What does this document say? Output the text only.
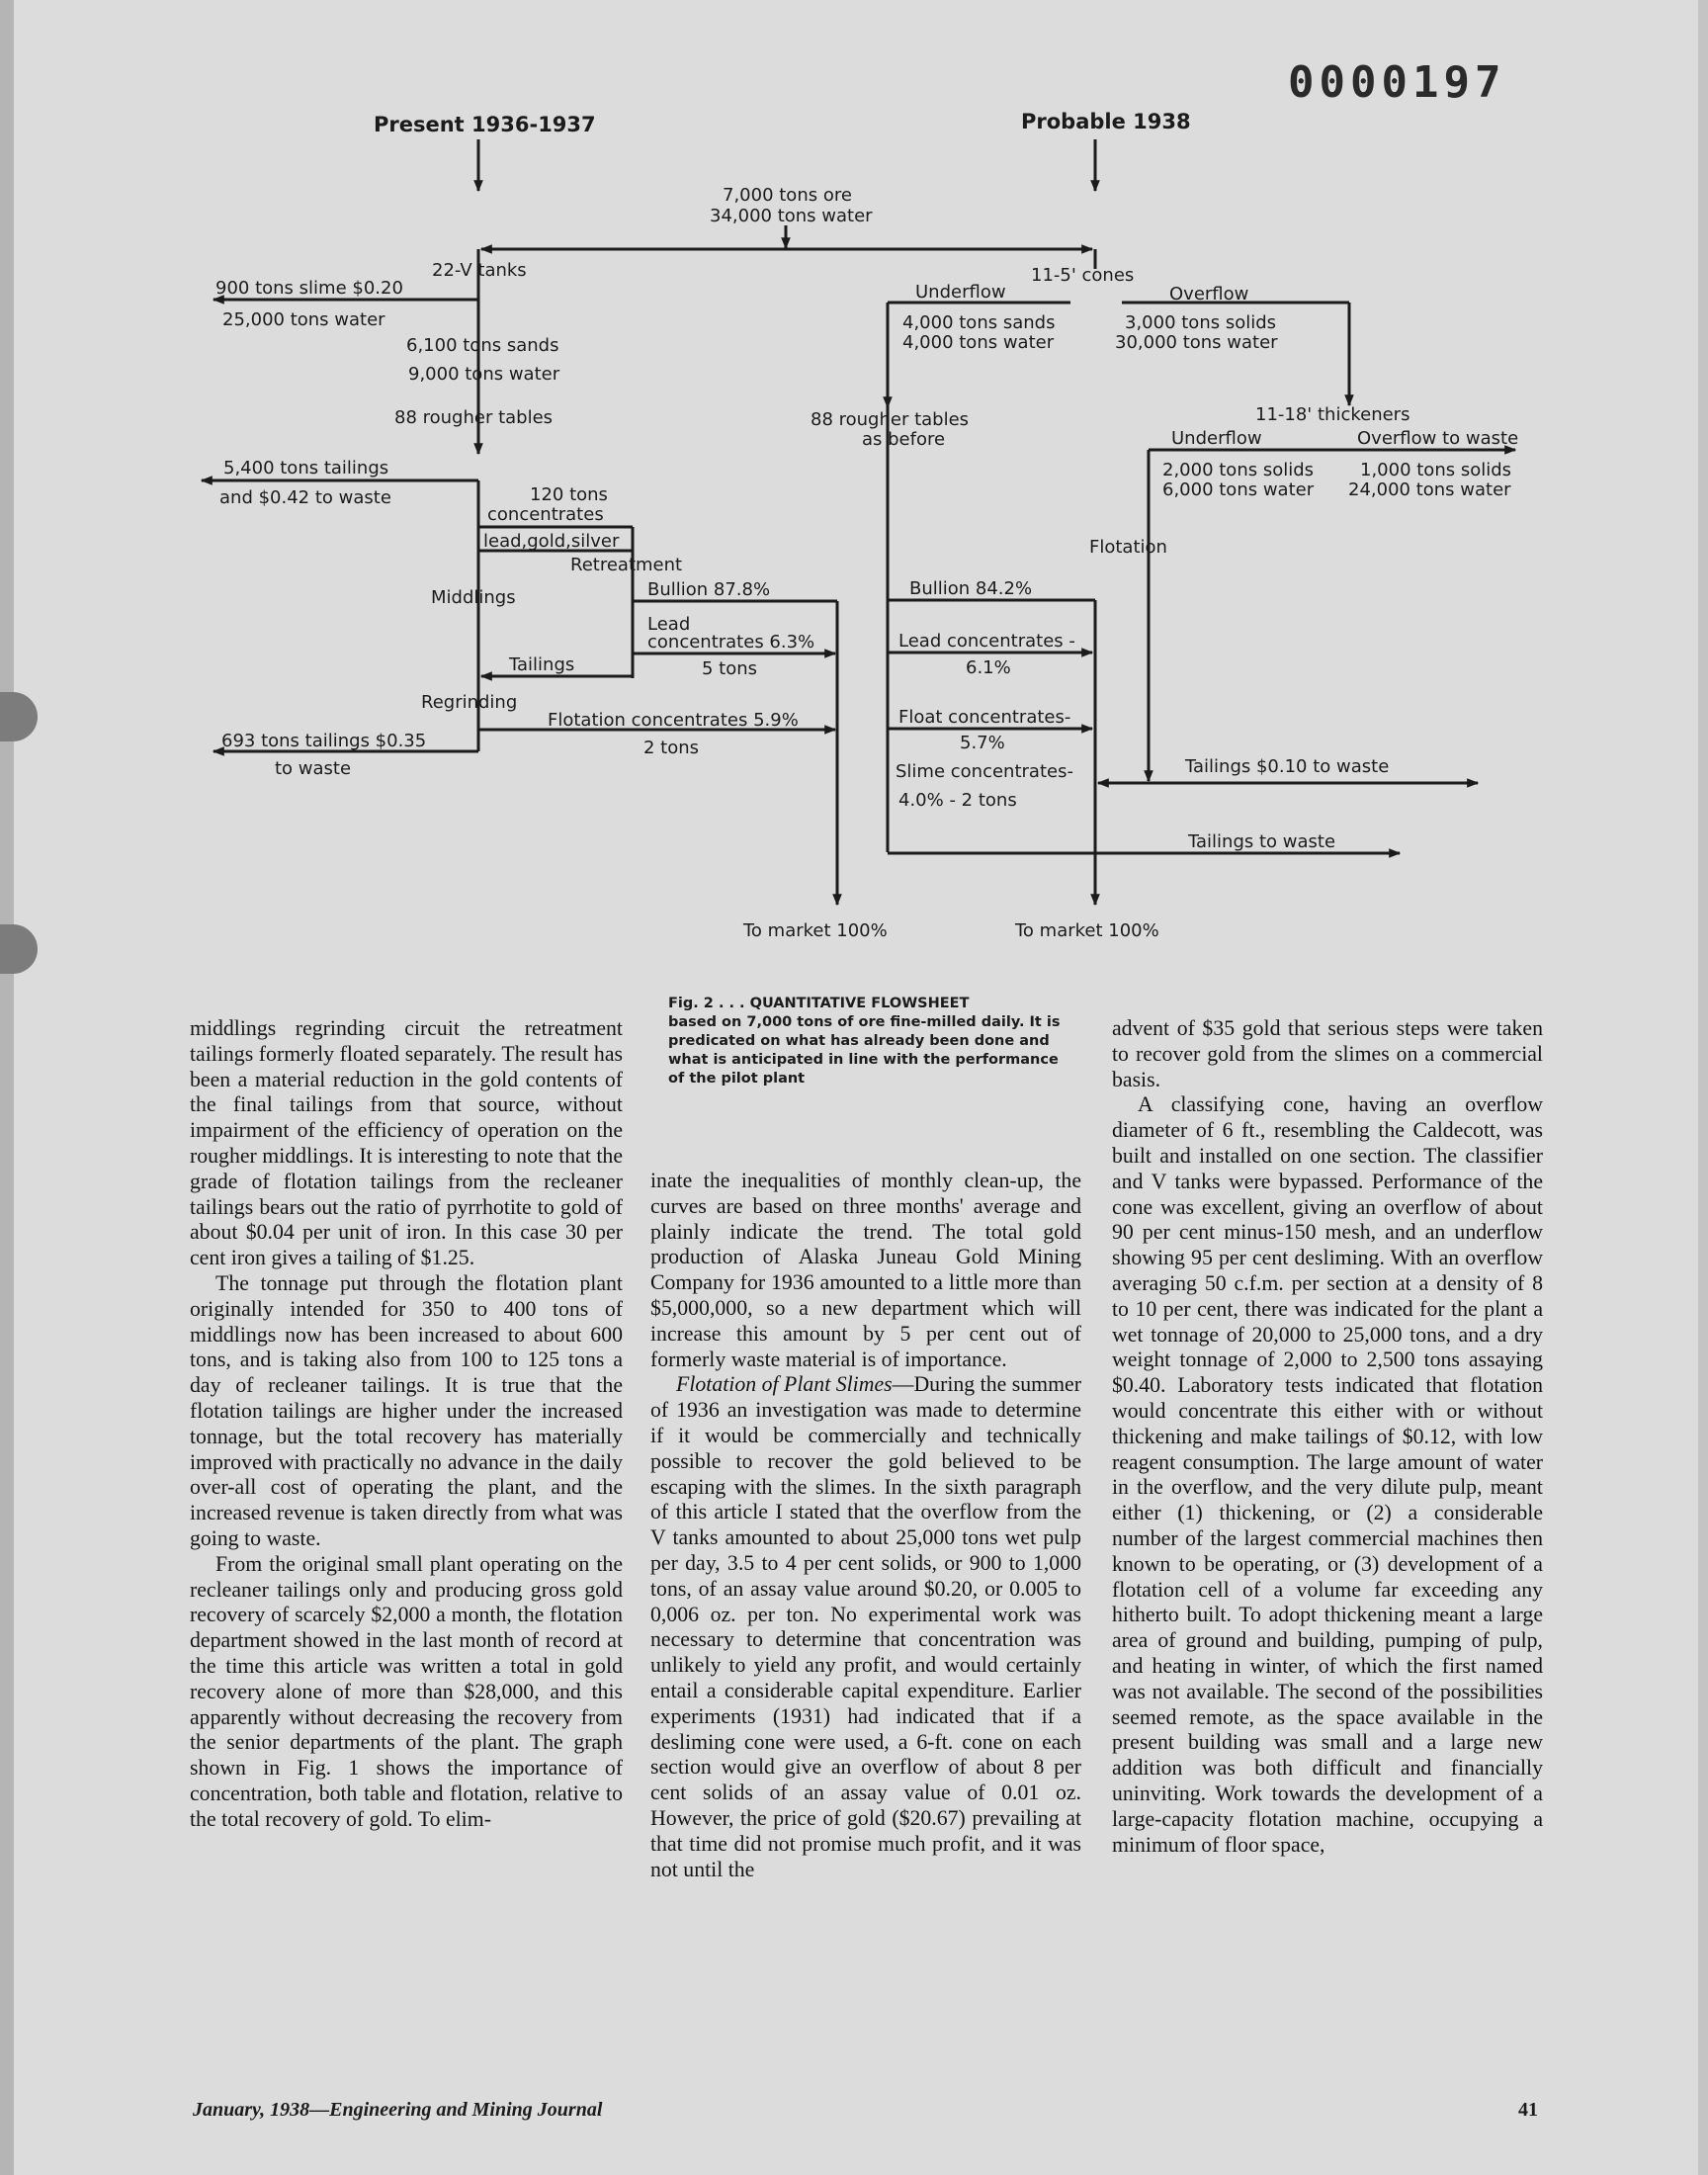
0000197
Present 1936-1937	Probable 1938
7,000 tons ore
34,000 tons water
22-V tanks
900 tons slime $0.20
25,000 tons water
6,100 tons sands
9,000 tons water
88 rougher tables
5,400 tons tailings
and $0.42 to waste	120 tons
concentrates
lead,gold,silver
Retreatment
Middlings	Bullion 87.8%
Lead
concentrates 6.3%
5 tons
Tailings
Regrinding
Flotation concentrates 5.9%
2 tons
693 tons tailings $0.35
to waste
To market 100%
11-5' cones
Underflow	Overflow
4,000 tons sands
4,000 tons water
3,000 tons solids
30,000 tons water
88 rougher tables
as before
11-18' thickeners
Underflow	Overflow to waste
2,000 tons solids
6,000 tons water
1,000 tons solids
24,000 tons water
Flotation
Bullion 84.2%
Lead concentrates -
6.1%
Float concentrates-
5.7%
Slime concentrates-	Tailings $0.10 to waste
4.0% - 2 tons
Tailings to waste
To market 100%
Fig. 2 . . . QUANTITATIVE FLOWSHEET
based on 7,000 tons of ore fine-milled daily. It is predicated on what has already been done and what is anticipated in line with the performance of the pilot plant

middlings regrinding circuit the retreatment tailings formerly floated separately. The result has been a material reduction in the gold contents of the final tailings from that source, without impairment of the efficiency of operation on the rougher middlings. It is interesting to note that the grade of flotation tailings from the recleaner tailings bears out the ratio of pyrrhotite to gold of about $0.04 per unit of iron. In this case 30 per cent iron gives a tailing of $1.25.

The tonnage put through the flotation plant originally intended for 350 to 400 tons of middlings now has been increased to about 600 tons, and is taking also from 100 to 125 tons a day of recleaner tailings. It is true that the flotation tailings are higher under the increased tonnage, but the total recovery has materially improved with practically no advance in the daily over-all cost of operating the plant, and the increased revenue is taken directly from what was going to waste.

From the original small plant operating on the recleaner tailings only and producing gross gold recovery of scarcely $2,000 a month, the flotation department showed in the last month of record at the time this article was written a total in gold recovery alone of more than $28,000, and this apparently without decreasing the recovery from the senior departments of the plant. The graph shown in Fig. 1 shows the importance of concentration, both table and flotation, relative to the total recovery of gold. To elim-

inate the inequalities of monthly clean-up, the curves are based on three months' average and plainly indicate the trend. The total gold production of Alaska Juneau Gold Mining Company for 1936 amounted to a little more than $5,000,000, so a new department which will increase this amount by 5 per cent out of formerly waste material is of importance.

Flotation of Plant Slimes—During the summer of 1936 an investigation was made to determine if it would be commercially and technically possible to recover the gold believed to be escaping with the slimes. In the sixth paragraph of this article I stated that the overflow from the V tanks amounted to about 25,000 tons wet pulp per day, 3.5 to 4 per cent solids, or 900 to 1,000 tons, of an assay value around $0.20, or 0.005 to 0,006 oz. per ton. No experimental work was necessary to determine that concentration was unlikely to yield any profit, and would certainly entail a considerable capital expenditure. Earlier experiments (1931) had indicated that if a desliming cone were used, a 6-ft. cone on each section would give an overflow of about 8 per cent solids of an assay value of 0.01 oz. However, the price of gold ($20.67) prevailing at that time did not promise much profit, and it was not until the

advent of $35 gold that serious steps were taken to recover gold from the slimes on a commercial basis.

A classifying cone, having an overflow diameter of 6 ft., resembling the Caldecott, was built and installed on one section. The classifier and V tanks were bypassed. Performance of the cone was excellent, giving an overflow of about 90 per cent minus-150 mesh, and an underflow showing 95 per cent desliming. With an overflow averaging 50 c.f.m. per section at a density of 8 to 10 per cent, there was indicated for the plant a wet tonnage of 20,000 to 25,000 tons, and a dry weight tonnage of 2,000 to 2,500 tons assaying $0.40. Laboratory tests indicated that flotation would concentrate this either with or without thickening and make tailings of $0.12, with low reagent consumption. The large amount of water in the overflow, and the very dilute pulp, meant either (1) thickening, or (2) a considerable number of the largest commercial machines then known to be operating, or (3) development of a flotation cell of a volume far exceeding any hitherto built. To adopt thickening meant a large area of ground and building, pumping of pulp, and heating in winter, of which the first named was not available. The second of the possibilities seemed remote, as the space available in the present building was small and a large new addition was both difficult and financially uninviting. Work towards the development of a large-capacity flotation machine, occupying a minimum of floor space,

January, 1938—Engineering and Mining Journal	41
